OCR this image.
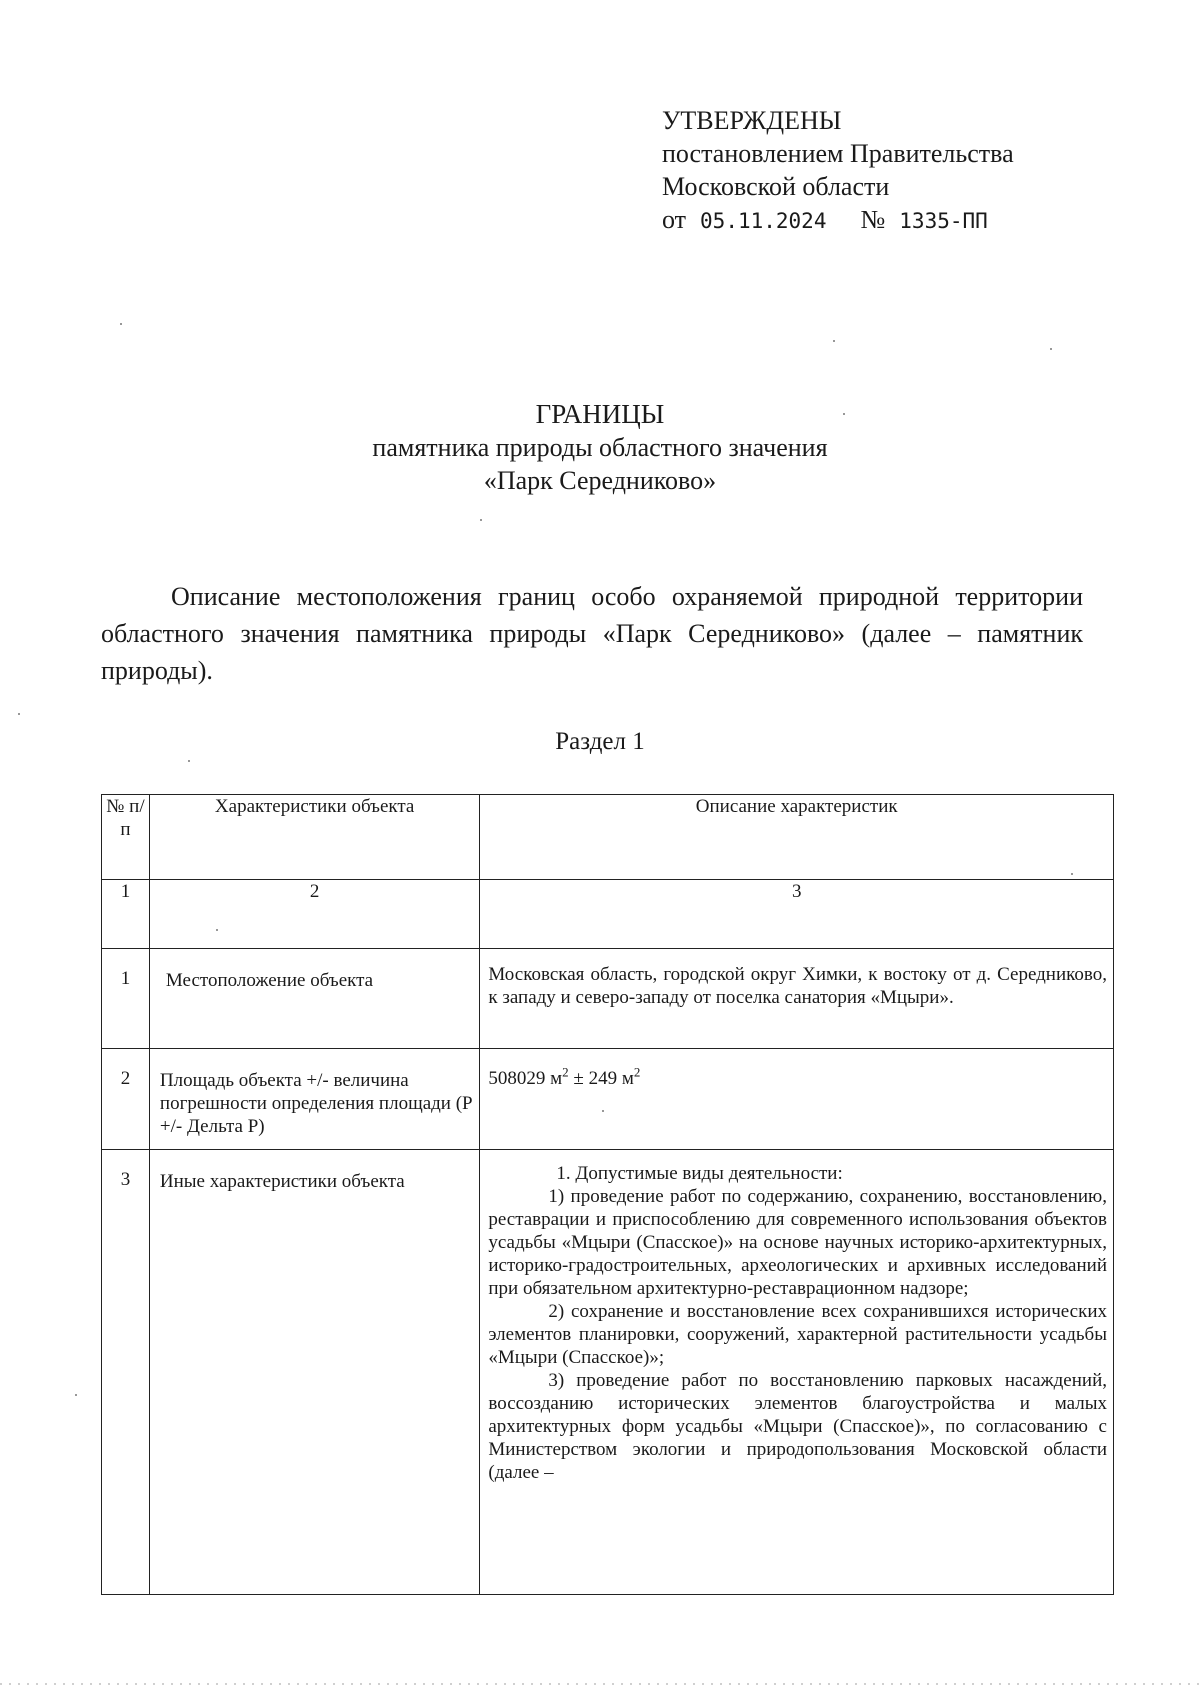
УТВЕРЖДЕНЫ
постановлением Правительства
Московской области
от 05.11.2024 № 1335-ПП
ГРАНИЦЫ
памятника природы областного значения
«Парк Середниково»
Описание местоположения границ особо охраняемой природной территории областного значения памятника природы «Парк Середниково» (далее – памятник природы).
Раздел 1
№ п/п	Характеристики объекта	Описание характеристик
1	2	3

1	Местоположение объекта	Московская область, городской округ Химки, к востоку от д. Середниково, к западу и северо-западу от поселка санатория «Мцыри».

2	Площадь объекта +/- величина погрешности определения площади (P +/- Дельта P)	508029 $м^2 \pm 249$ $м^2$

3	Иные характеристики объекта	1. Допустимые виды деятельности:

1) проведение работ по содержанию, сохранению, восстановлению, реставрации и приспособлению для современного использования объектов усадьбы «Мцыри (Спасское)» на основе научных историко-архитектурных, историко-градостроительных, археологических и архивных исследований при обязательном архитектурно-реставрационном надзоре;

2) сохранение и восстановление всех сохранившихся исторических элементов планировки, сооружений, характерной растительности усадьбы «Мцыри (Спасское)»;

3) проведение работ по восстановлению парковых насаждений, воссозданию исторических элементов благоустройства и малых архитектурных форм усадьбы «Мцыри (Спасское)», по согласованию с Министерством экологии и природопользования Московской области (далее –
